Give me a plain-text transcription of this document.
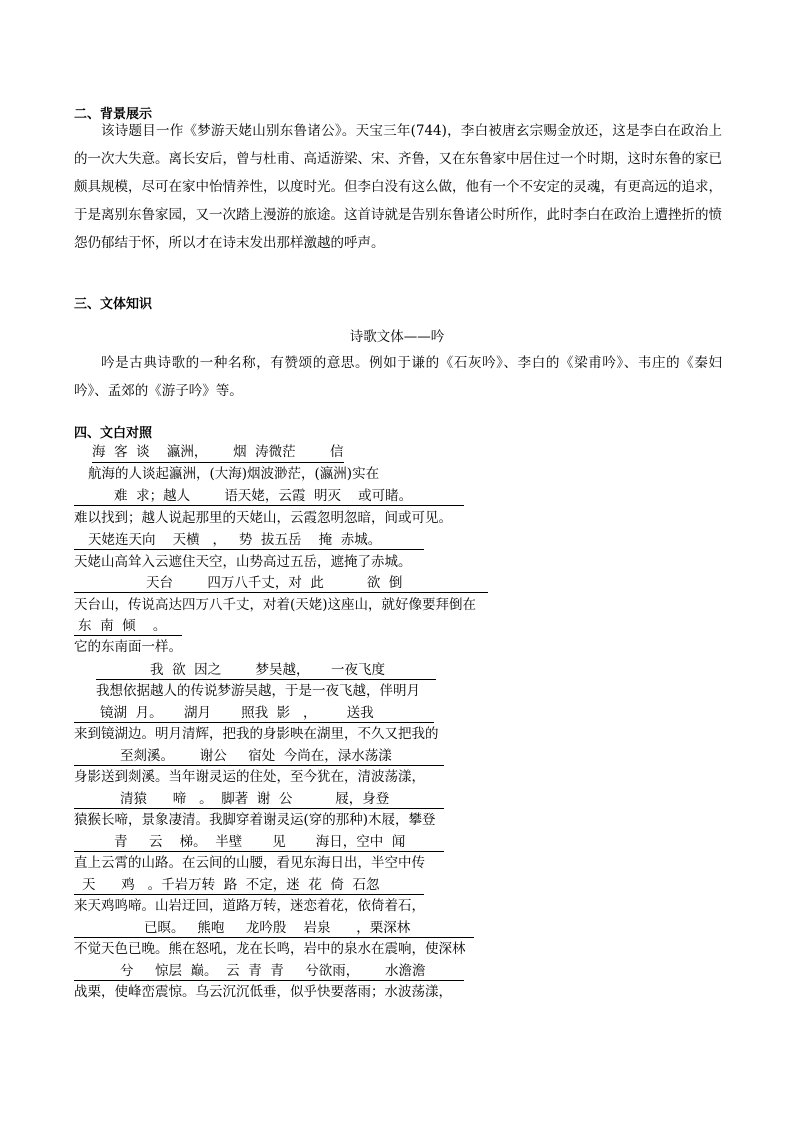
二、背景展示

该诗题目一作《梦游天姥山别东鲁诸公》。天宝三年(744)，李白被唐玄宗赐金放还，这是李白在政治上的一次大失意。离长安后，曾与杜甫、高适游梁、宋、齐鲁，又在东鲁家中居住过一个时期，这时东鲁的家已颇具规模，尽可在家中怡情养性，以度时光。但李白没有这么做，他有一个不安定的灵魂，有更高远的追求，于是离别东鲁家园，又一次踏上漫游的旅途。这首诗就是告别东鲁诸公时所作，此时李白在政治上遭挫折的愤怨仍郁结于怀，所以才在诗末发出那样激越的呼声。

三、文体知识
诗歌文体——吟

吟是古典诗歌的一种名称，有赞颂的意思。例如于谦的《石灰吟》、李白的《梁甫吟》、韦庄的《秦妇吟》、孟郊的《游子吟》等。

四、文白对照
海  客  谈    瀛洲，      烟  涛微茫        信
航海的人谈起瀛洲，(大海)烟波渺茫，(瀛洲)实在
难  求；越人        语天姥，云霞  明灭    或可睹。
难以找到；越人说起那里的天姥山，云霞忽明忽暗，间或可见。
天姥连天向    天横   ，   势  拔五岳    掩  赤城。
天姥山高耸入云遮住天空，山势高过五岳，遮掩了赤城。
天台        四万八千丈，对  此          欲  倒
天台山，传说高达四万八千丈，对着(天姥)这座山，就好像要拜倒在
东  南  倾    。
它的东南面一样。
我  欲  因之        梦吴越，     一夜飞度
我想依据越人的传说梦游吴越，于是一夜飞越，伴明月
镜湖  月。     湖月       照我  影   ，       送我
来到镜湖边。明月清辉，把我的身影映在湖里，不久又把我的
至剡溪。      谢公     宿处  今尚在，渌水荡漾
身影送到剡溪。当年谢灵运的住处，至今犹在，清波荡漾，
清猿      啼   。  脚著  谢  公          屐，身登
猿猴长啼，景象凄清。我脚穿着谢灵运(穿的那种)木屐，攀登
青     云    梯。  半壁       见       海日，空中  闻
直上云霄的山路。在云间的山腰，看见东海日出，半空中传
天      鸡   。千岩万转  路  不定，迷  花  倚  石忽
来天鸡鸣啼。山岩迂回，道路万转，迷恋着花，依倚着石，
已暝。   熊咆     龙吟殷    岩泉      ，栗深林
不觉天色已晚。熊在怒吼，龙在长鸣，岩中的泉水在震响，使深林
兮     惊层  巅。  云  青  青     兮欲雨，      水澹澹
战栗，使峰峦震惊。乌云沉沉低垂，似乎快要落雨；水波荡漾，
